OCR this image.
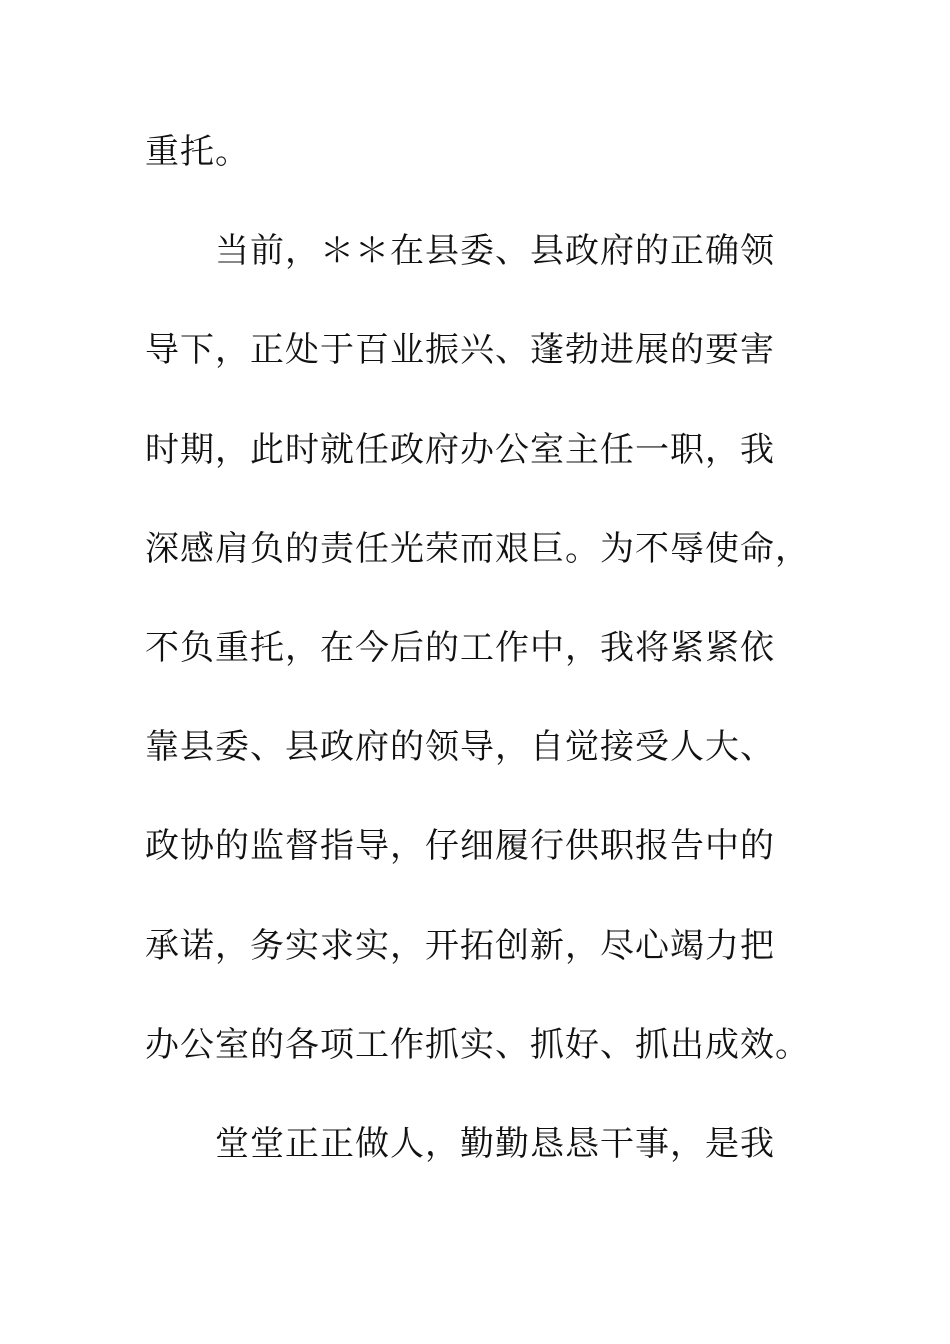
重托。
当前，＊＊在县委、县政府的正确领
导下，正处于百业振兴、蓬勃进展的要害
时期，此时就任政府办公室主任一职，我
深感肩负的责任光荣而艰巨。为不辱使命，
不负重托，在今后的工作中，我将紧紧依
靠县委、县政府的领导，自觉接受人大、
政协的监督指导，仔细履行供职报告中的
承诺，务实求实，开拓创新，尽心竭力把
办公室的各项工作抓实、抓好、抓出成效。
堂堂正正做人，勤勤恳恳干事，是我
